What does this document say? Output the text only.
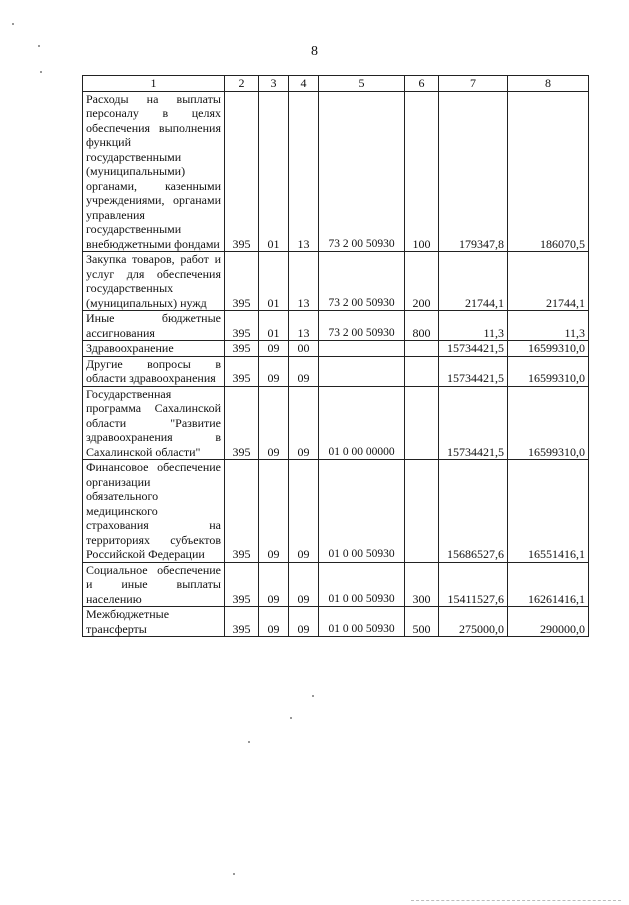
8
1	2	3	4	5	6	7	8
Расходы на выплаты персоналу в целях обеспечения выполнения функций государственными (муниципальными) органами, казенными учреждениями, органами управления государственными внебюджетными фондами	395	01	13	73 2 00 50930	100	179347,8	186070,5
Закупка товаров, работ и услуг для обеспечения государственных (муниципальных) нужд	395	01	13	73 2 00 50930	200	21744,1	21744,1
Иные бюджетные ассигнования	395	01	13	73 2 00 50930	800	11,3	11,3
Здравоохранение	395	09	00			15734421,5	16599310,0
Другие вопросы в области здравоохранения	395	09	09			15734421,5	16599310,0
Государственная программа Сахалинской области "Развитие здравоохранения в Сахалинской области"	395	09	09	01 0 00 00000		15734421,5	16599310,0
Финансовое обеспечение организации обязательного медицинского страхования на территориях субъектов Российской Федерации	395	09	09	01 0 00 50930		15686527,6	16551416,1
Социальное обеспечение и иные выплаты населению	395	09	09	01 0 00 50930	300	15411527,6	16261416,1
Межбюджетные трансферты	395	09	09	01 0 00 50930	500	275000,0	290000,0
